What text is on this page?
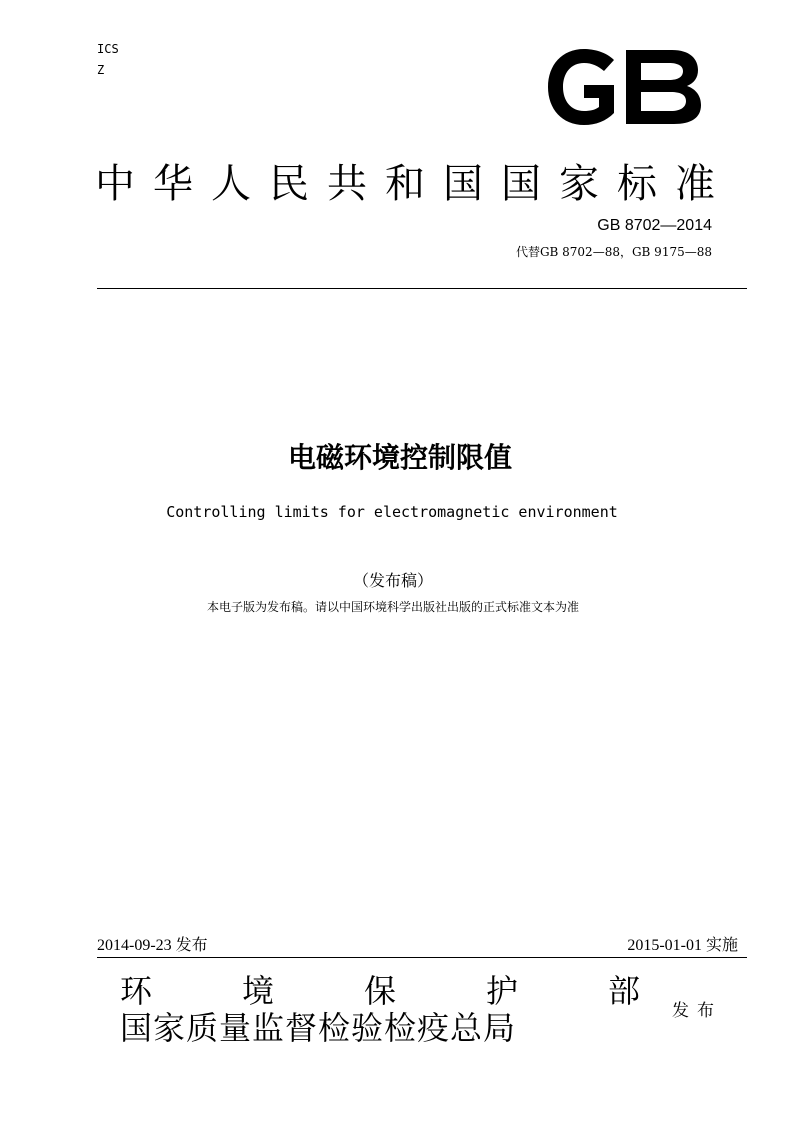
ICS
Z
中华人民共和国国家标准
GB 8702—2014
代替GB 8702—88，GB 9175—88
电磁环境控制限值
Controlling limits for electromagnetic environment
（发布稿）
本电子版为发布稿。请以中国环境科学出版社出版的正式标准文本为准
2014-09-23 发布	2015-01-01 实施
环	境	保	护	部
国家质量监督检验检疫总局	发布
